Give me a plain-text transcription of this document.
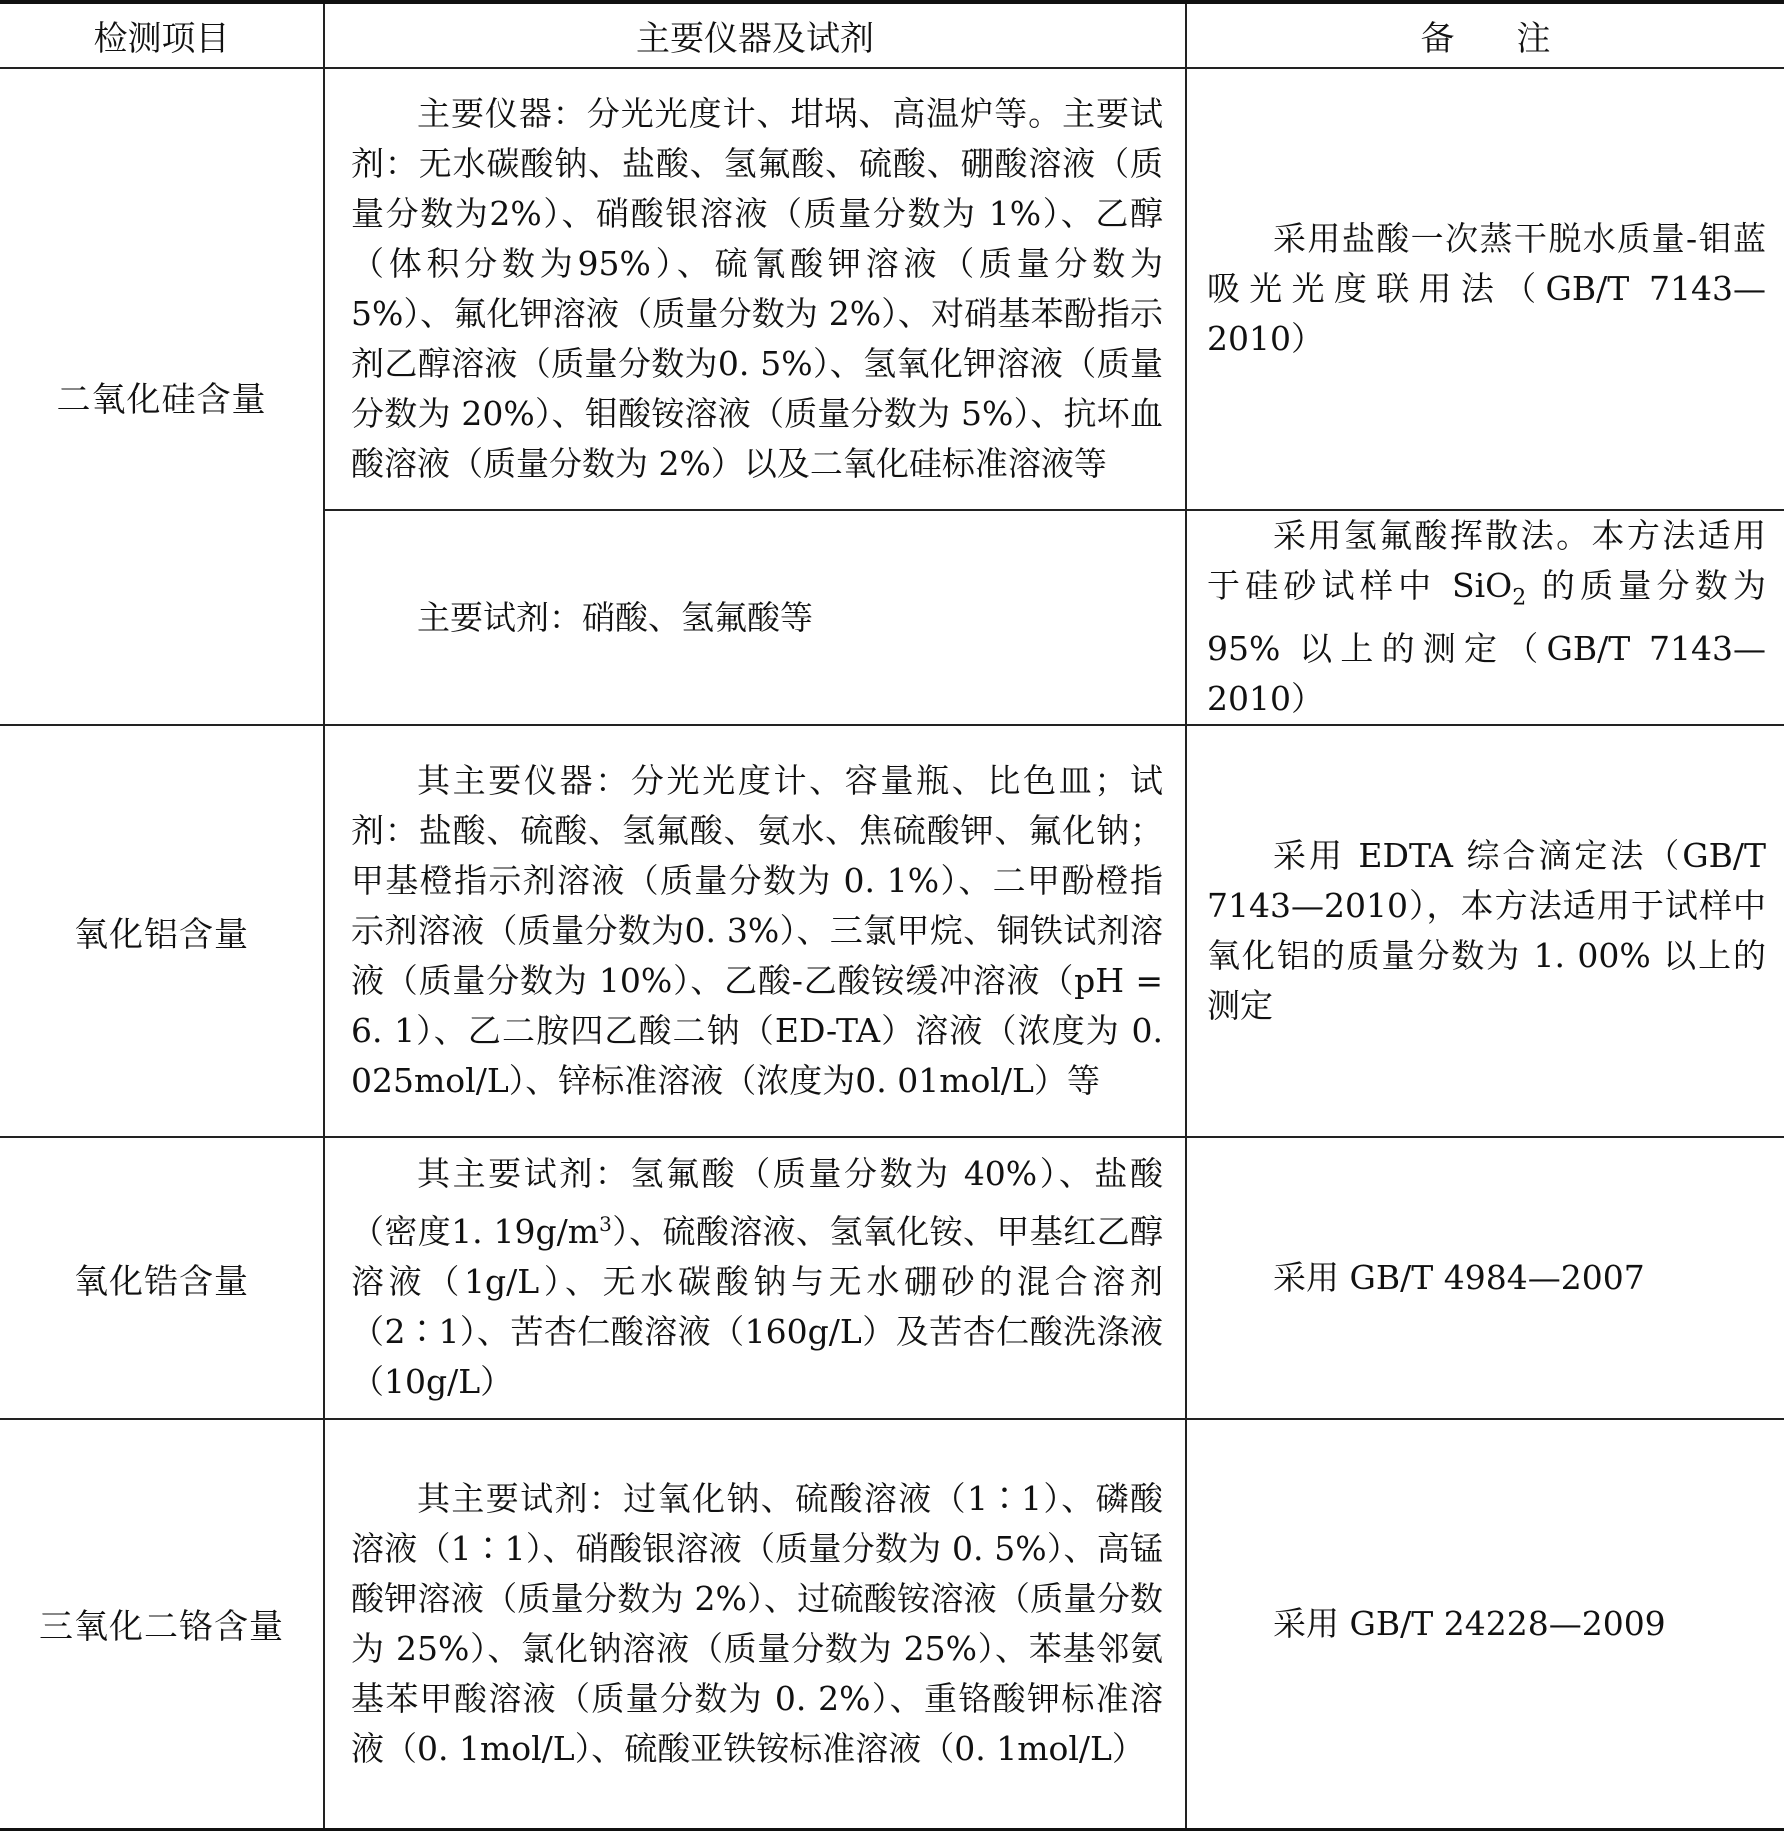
检测项目	主要仪器及试剂	备注
二氧化硅含量	主要仪器：分光光度计、坩埚、高温炉等。主要试剂：无水碳酸钠、盐酸、氢氟酸、硫酸、硼酸溶液（质量分数为2%）、硝酸银溶液（质量分数为 1%）、乙醇（体积分数为95%）、硫氰酸钾溶液（质量分数为 5%）、氟化钾溶液（质量分数为 2%）、对硝基苯酚指示剂乙醇溶液（质量分数为0. 5%）、氢氧化钾溶液（质量分数为 20%）、钼酸铵溶液（质量分数为 5%）、抗坏血酸溶液（质量分数为 2%）以及二氧化硅标准溶液等	采用盐酸一次蒸干脱水质量-钼蓝吸光光度联用法（GB/T 7143—2010）

	主要试剂：硝酸、氢氟酸等	采用氢氟酸挥散法。本方法适用于硅砂试样中 SiO$_2$ 的质量分数为 95% 以上的测定（GB/T 7143—2010）

氧化铝含量	其主要仪器：分光光度计、容量瓶、比色皿；试剂：盐酸、硫酸、氢氟酸、氨水、焦硫酸钾、氟化钠；甲基橙指示剂溶液（质量分数为 0. 1%）、二甲酚橙指示剂溶液（质量分数为0. 3%）、三氯甲烷、铜铁试剂溶液（质量分数为 10%）、乙酸-乙酸铵缓冲溶液（pH = 6. 1）、乙二胺四乙酸二钠（ED-TA）溶液（浓度为 0. 025mol/L）、锌标准溶液（浓度为0. 01mol/L）等	采用 EDTA 综合滴定法（GB/T 7143—2010），本方法适用于试样中氧化铝的质量分数为 1. 00% 以上的测定

氧化锆含量	其主要试剂：氢氟酸（质量分数为 40%）、盐酸（密度1. $19g/m^3$）、硫酸溶液、氢氧化铵、甲基红乙醇溶液（1g/L）、无水碳酸钠与无水硼砂的混合溶剂（2∶1）、苦杏仁酸溶液（160g/L）及苦杏仁酸洗涤液（10g/L）	采用 GB/T 4984—2007

三氧化二铬含量	其主要试剂：过氧化钠、硫酸溶液（1∶1）、磷酸溶液（1∶1）、硝酸银溶液（质量分数为 0. 5%）、高锰酸钾溶液（质量分数为 2%）、过硫酸铵溶液（质量分数为 25%）、氯化钠溶液（质量分数为 25%）、苯基邻氨基苯甲酸溶液（质量分数为 0. 2%）、重铬酸钾标准溶液（0. 1mol/L）、硫酸亚铁铵标准溶液（0. 1mol/L）	采用 GB/T 24228—2009
